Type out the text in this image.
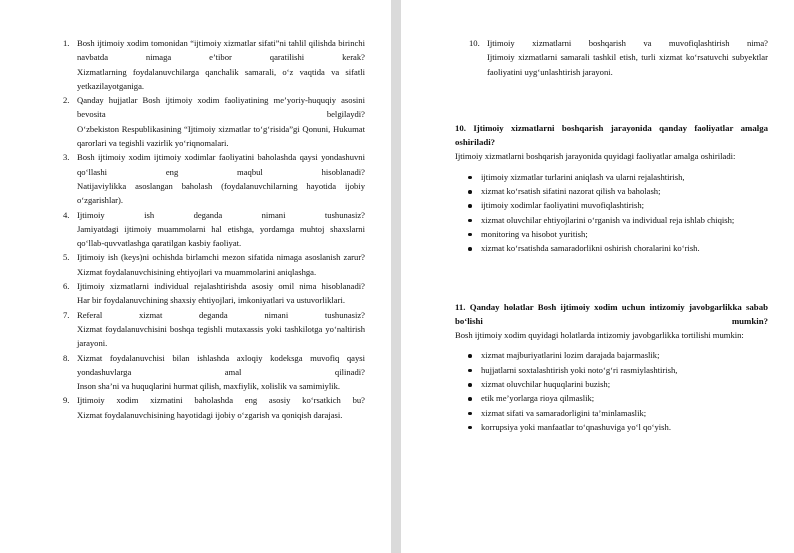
1. Bosh ijtimoiy xodim tomonidan “ijtimoiy xizmatlar sifati”ni tahlil qilishda birinchi navbatda nimaga e’tibor qaratilishi kerak?
Xizmatlarning foydalanuvchilarga qanchalik samarali, o‘z vaqtida va sifatli yetkazilayotganiga.
2. Qanday hujjatlar Bosh ijtimoiy xodim faoliyatining me’yoriy-huquqiy asosini bevosita belgilaydi?
O‘zbekiston Respublikasining “Ijtimoiy xizmatlar to‘g‘risida”gi Qonuni, Hukumat qarorlari va tegishli vazirlik yo‘riqnomalari.
3. Bosh ijtimoiy xodim ijtimoiy xodimlar faoliyatini baholashda qaysi yondashuvni qo‘llashi eng maqbul hisoblanadi?
Natijaviylikka asoslangan baholash (foydalanuvchilarning hayotida ijobiy o‘zgarishlar).
4. Ijtimoiy ish deganda nimani tushunasiz?
Jamiyatdagi ijtimoiy muammolarni hal etishga, yordamga muhtoj shaxslarni qo‘llab-quvvatlashga qaratilgan kasbiy faoliyat.
5. Ijtimoiy ish (keys)ni ochishda birlamchi mezon sifatida nimaga asoslanish zarur?
Xizmat foydalanuvchisining ehtiyojlari va muammolarini aniqlashga.
6. Ijtimoiy xizmatlarni individual rejalashtirishda asosiy omil nima hisoblanadi?
Har bir foydalanuvchining shaxsiy ehtiyojlari, imkoniyatlari va ustuvorliklari.
7. Referal xizmat deganda nimani tushunasiz?
Xizmat foydalanuvchisini boshqa tegishli mutaxassis yoki tashkilotga yo‘naltirish jarayoni.
8. Xizmat foydalanuvchisi bilan ishlashda axloqiy kodeksga muvofiq qaysi yondashuvlarga amal qilinadi?
Inson sha’ni va huquqlarini hurmat qilish, maxfiylik, xolislik va samimiylik.
9. Ijtimoiy xodim xizmatini baholashda eng asosiy ko‘rsatkich bu?
Xizmat foydalanuvchisining hayotidagi ijobiy o‘zgarish va qoniqish darajasi.
10. Ijtimoiy xizmatlarni boshqarish va muvofiqlashtirish nima?
Ijtimoiy xizmatlarni samarali tashkil etish, turli xizmat ko‘rsatuvchi subyektlar faoliyatini uyg‘unlashtirish jarayoni.
10. Ijtimoiy xizmatlarni boshqarish jarayonida qanday faoliyatlar amalga oshiriladi?

Ijtimoiy xizmatlarni boshqarish jarayonida quyidagi faoliyatlar amalga oshiriladi:

ijtimoiy xizmatlar turlarini aniqlash va ularni rejalashtirish,
xizmat ko‘rsatish sifatini nazorat qilish va baholash;
ijtimoiy xodimlar faoliyatini muvofiqlashtirish;
xizmat oluvchilar ehtiyojlarini o‘rganish va individual reja ishlab chiqish;
monitoring va hisobot yuritish;
xizmat ko‘rsatishda samaradorlikni oshirish choralarini ko‘rish.
11. Qanday holatlar Bosh ijtimoiy xodim uchun intizomiy javobgarlikka sabab bo‘lishi mumkin?

Bosh ijtimoiy xodim quyidagi holatlarda intizomiy javobgarlikka tortilishi mumkin:

xizmat majburiyatlarini lozim darajada bajarmaslik;
hujjatlarni soxtalashtirish yoki noto‘g‘ri rasmiylashtirish,
xizmat oluvchilar huquqlarini buzish;
etik me’yorlarga rioya qilmaslik;
xizmat sifati va samaradorligini ta’minlamaslik;
korrupsiya yoki manfaatlar to‘qnashuviga yo‘l qo‘yish.
